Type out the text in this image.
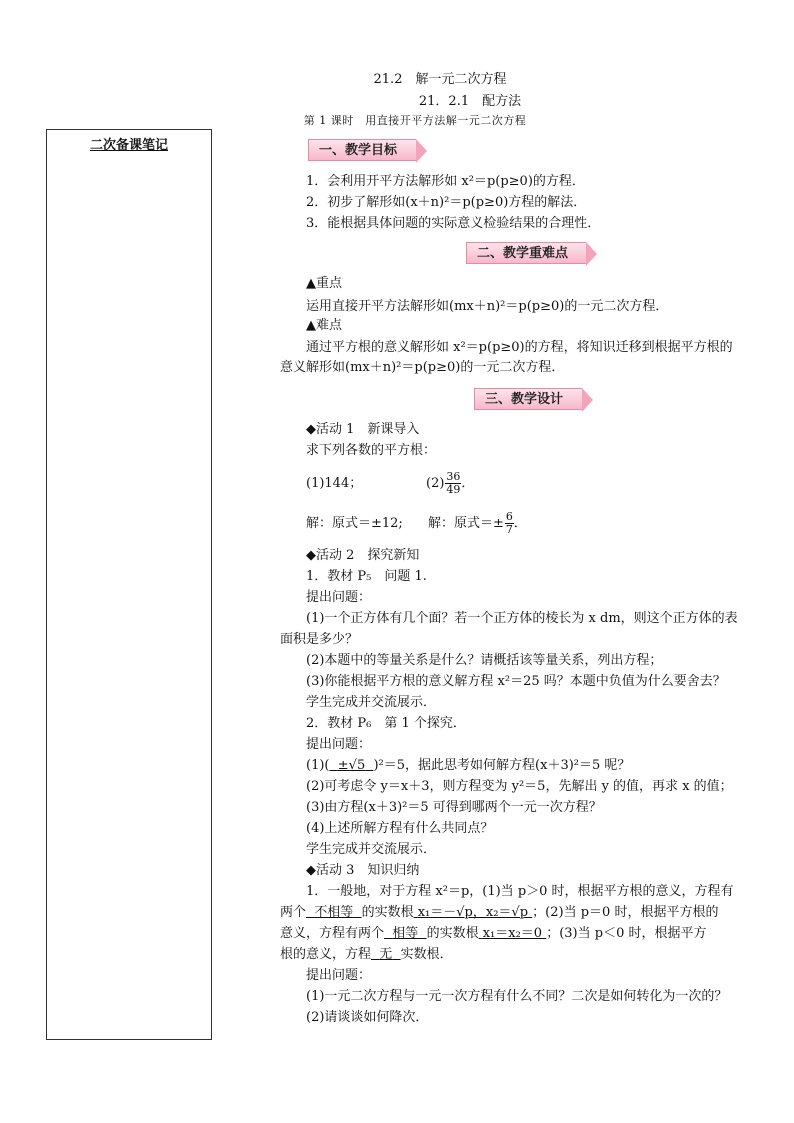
21.2　解一元二次方程
21．2.1　配方法
第 1 课时　用直接开平方法解一元二次方程
二次备课笔记	一、教学目标
1．会利用开平方法解形如 x²＝p(p≥0)的方程．
2．初步了解形如(x＋n)²＝p(p≥0)方程的解法．
3．能根据具体问题的实际意义检验结果的合理性．
二、教学重难点
▲重点
运用直接开平方法解形如(mx＋n)²＝p(p≥0)的一元二次方程．
▲难点
通过平方根的意义解形如 x²＝p(p≥0)的方程，将知识迁移到根据平方根的
意义解形如(mx＋n)²＝p(p≥0)的一元二次方程．
三、教学设计
◆活动 1　新课导入
求下列各数的平方根：
(1)144；	$(2) \frac{36}{49}$ ．
解：原式＝±12; 解：原式＝± $\frac{6}{7}$ ．
◆活动 2　探究新知
1．教材 P₅　问题 1.
提出问题：
(1)一个正方体有几个面？若一个正方体的棱长为 x dm，则这个正方体的表
面积是多少？
(2)本题中的等量关系是什么？请概括该等量关系，列出方程；
(3)你能根据平方根的意义解方程 x²＝25 吗？本题中负值为什么要舍去？
学生完成并交流展示．
2．教材 P₆　第 1 个探究．
提出问题：
(1)( ±√5 )²＝5，据此思考如何解方程(x＋3)²＝5 呢？
(2)可考虑令 y＝x＋3，则方程变为 y²＝5，先解出 y 的值，再求 x 的值；
(3)由方程(x＋3)²＝5 可得到哪两个一元一次方程？
(4)上述所解方程有什么共同点？
学生完成并交流展示．
◆活动 3　知识归纳
1．一般地，对于方程 x²＝p，(1)当 p＞0 时，根据平方根的意义，方程有
两个 不相等 的实数根 x₁＝－√p，x₂＝√p ；(2)当 p＝0 时，根据平方根的
意义，方程有两个 相等 的实数根 x₁＝x₂＝0 ；(3)当 p＜0 时，根据平方
根的意义，方程 无 实数根．
提出问题：
(1)一元二次方程与一元一次方程有什么不同？二次是如何转化为一次的？
(2)请谈谈如何降次．
